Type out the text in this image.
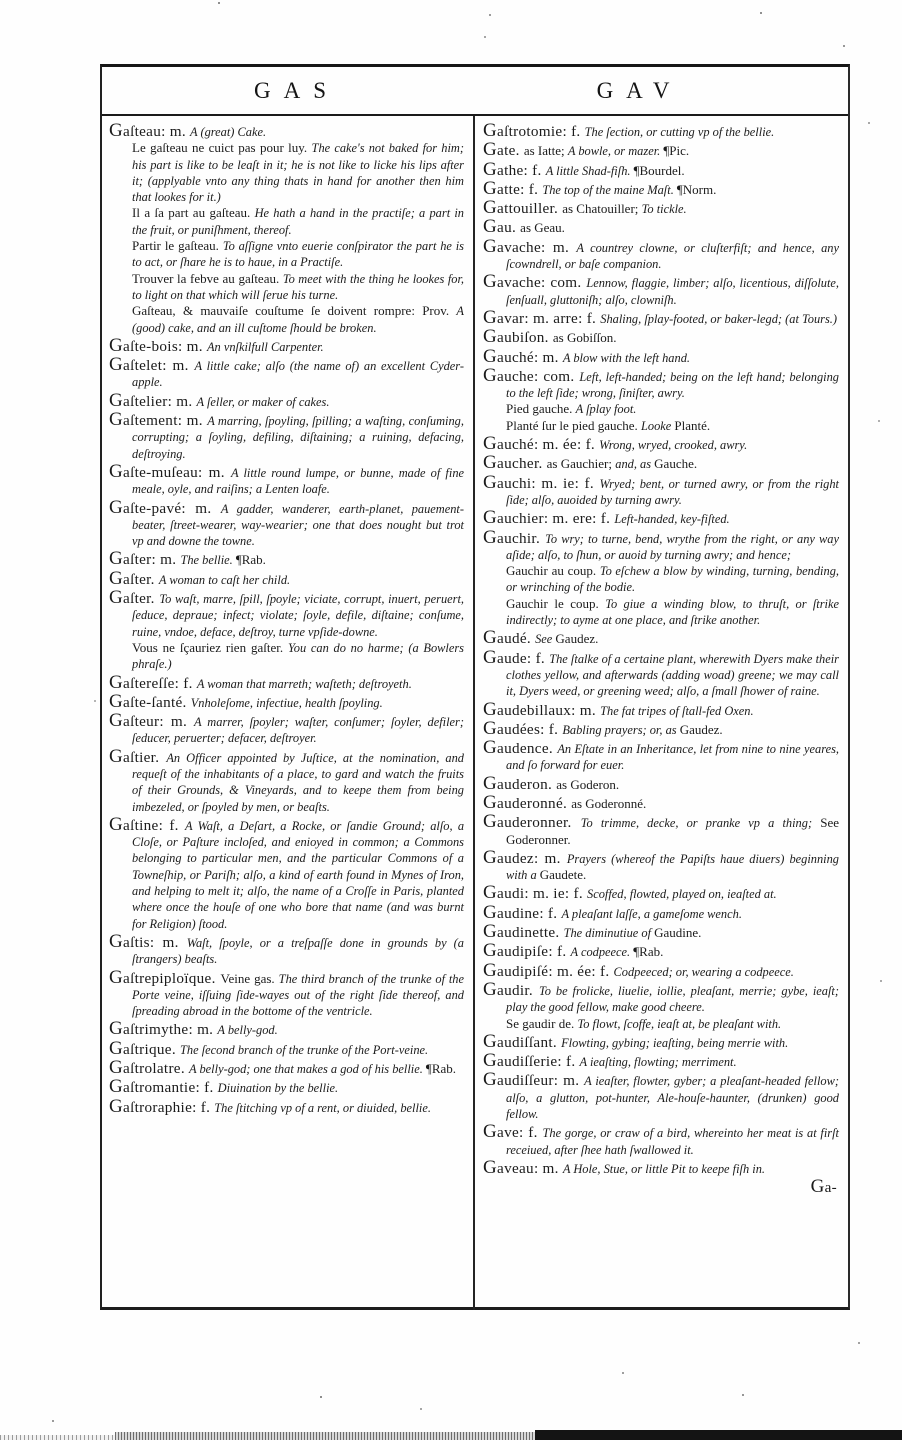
GAS	GAV

Gaſteau: m. A (great) Cake.

Le gaſteau ne cuict pas pour luy. The cake's not baked for him; his part is like to be leaſt in it; he is not like to licke his lips after it; (applyable vnto any thing thats in hand for another then him that lookes for it.)

Il a ſa part au gaſteau. He hath a hand in the practiſe; a part in the fruit, or puniſhment, thereof.

Partir le gaſteau. To aſſigne vnto euerie conſpirator the part he is to act, or ſhare he is to haue, in a Practiſe.

Trouver la febve au gaſteau. To meet with the thing he lookes for, to light on that which will ſerue his turne.

Gaſteau, & mauvaiſe couſtume ſe doivent rompre: Prov. A (good) cake, and an ill cuſtome ſhould be broken.

Gaſte-bois: m. An vnſkilfull Carpenter.

Gaſtelet: m. A little cake; alſo (the name of) an excellent Cyder-apple.

Gaſtelier: m. A ſeller, or maker of cakes.

Gaſtement: m. A marring, ſpoyling, ſpilling; a waſting, conſuming, corrupting; a ſoyling, defiling, diſtaining; a ruining, defacing, deſtroying.

Gaſte-muſeau: m. A little round lumpe, or bunne, made of fine meale, oyle, and raiſins; a Lenten loafe.

Gaſte-pavé: m. A gadder, wanderer, earth-planet, pauement-beater, ſtreet-wearer, way-wearier; one that does nought but trot vp and downe the towne.

Gaſter: m. The bellie. ¶Rab.

Gaſter. A woman to caſt her child.

Gaſter. To waſt, marre, ſpill, ſpoyle; viciate, corrupt, inuert, peruert, ſeduce, depraue; infect; violate; ſoyle, defile, diſtaine; conſume, ruine, vndoe, deface, deſtroy, turne vpſide-downe.

Vous ne ſçauriez rien gaſter. You can do no harme; (a Bowlers phraſe.)

Gaſtereſſe: f. A woman that marreth; waſteth; deſtroyeth.

Gaſte-ſanté. Vnholeſome, infectiue, health ſpoyling.

Gaſteur: m. A marrer, ſpoyler; waſter, conſumer; ſoyler, defiler; ſeducer, peruerter; defacer, deſtroyer.

Gaſtier. An Officer appointed by Juſtice, at the nomination, and requeſt of the inhabitants of a place, to gard and watch the fruits of their Grounds, & Vineyards, and to keepe them from being imbezeled, or ſpoyled by men, or beaſts.

Gaſtine: f. A Waſt, a Deſart, a Rocke, or ſandie Ground; alſo, a Cloſe, or Paſture incloſed, and enioyed in common; a Commons belonging to particular men, and the particular Commons of a Towneſhip, or Pariſh; alſo, a kind of earth found in Mynes of Iron, and helping to melt it; alſo, the name of a Croſſe in Paris, planted where once the houſe of one who bore that name (and was burnt for Religion) ſtood.

Gaſtis: m. Waſt, ſpoyle, or a treſpaſſe done in grounds by (a ſtrangers) beaſts.

Gaſtrepiploïque. Veine gas. The third branch of the trunke of the Porte veine, iſſuing ſide-wayes out of the right ſide thereof, and ſpreading abroad in the bottome of the ventricle.

Gaſtrimythe: m. A belly-god.

Gaſtrique. The ſecond branch of the trunke of the Port-veine.

Gaſtrolatre. A belly-god; one that makes a god of his bellie. ¶Rab.

Gaſtromantie: f. Diuination by the bellie.

Gaſtroraphie: f. The ſtitching vp of a rent, or diuided, bellie.

Gaſtrotomie: f. The ſection, or cutting vp of the bellie.

Gate. as Iatte; A bowle, or mazer. ¶Pic.

Gathe: f. A little Shad-fiſh. ¶Bourdel.

Gatte: f. The top of the maine Maſt. ¶Norm.

Gattouiller. as Chatouiller; To tickle.

Gau. as Geau.

Gavache: m. A countrey clowne, or cluſterfiſt; and hence, any ſcowndrell, or baſe companion.

Gavache: com. Lennow, flaggie, limber; alſo, licentious, diſſolute, ſenſuall, gluttoniſh; alſo, clowniſh.

Gavar: m. arre: f. Shaling, ſplay-footed, or baker-legd; (at Tours.)

Gaubiſon. as Gobiſſon.

Gauché: m. A blow with the left hand.

Gauche: com. Left, left-handed; being on the left hand; belonging to the left ſide; wrong, ſiniſter, awry.

Pied gauche. A ſplay foot.

Planté ſur le pied gauche. Looke Planté.

Gauché: m. ée: f. Wrong, wryed, crooked, awry.

Gaucher. as Gauchier; and, as Gauche.

Gauchi: m. ie: f. Wryed; bent, or turned awry, or from the right ſide; alſo, auoided by turning awry.

Gauchier: m. ere: f. Left-handed, key-fiſted.

Gauchir. To wry; to turne, bend, wrythe from the right, or any way aſide; alſo, to ſhun, or auoid by turning awry; and hence;

Gauchir au coup. To eſchew a blow by winding, turning, bending, or wrinching of the bodie.

Gauchir le coup. To giue a winding blow, to thruſt, or ſtrike indirectly; to ayme at one place, and ſtrike another.

Gaudé. See Gaudez.

Gaude: f. The ſtalke of a certaine plant, wherewith Dyers make their clothes yellow, and afterwards (adding woad) greene; we may call it, Dyers weed, or greening weed; alſo, a ſmall ſhower of raine.

Gaudebillaux: m. The fat tripes of ſtall-fed Oxen.

Gaudées: f. Babling prayers; or, as Gaudez.

Gaudence. An Eſtate in an Inheritance, let from nine to nine yeares, and ſo forward for euer.

Gauderon. as Goderon.

Gauderonné. as Goderonné.

Gauderonner. To trimme, decke, or pranke vp a thing; See Goderonner.

Gaudez: m. Prayers (whereof the Papiſts haue diuers) beginning with a Gaudete.

Gaudi: m. ie: f. Scoffed, flowted, played on, ieaſted at.

Gaudine: f. A pleaſant laſſe, a gameſome wench.

Gaudinette. The diminutiue of Gaudine.

Gaudipiſe: f. A codpeece. ¶Rab.

Gaudipiſé: m. ée: f. Codpeeced; or, wearing a codpeece.

Gaudir. To be frolicke, liuelie, iollie, pleaſant, merrie; gybe, ieaſt; play the good fellow, make good cheere.

Se gaudir de. To flowt, ſcoffe, ieaſt at, be pleaſant with.

Gaudiſſant. Flowting, gybing; ieaſting, being merrie with.

Gaudiſſerie: f. A ieaſting, flowting; merriment.

Gaudiſſeur: m. A ieaſter, flowter, gyber; a pleaſant-headed fellow; alſo, a glutton, pot-hunter, Ale-houſe-haunter, (drunken) good fellow.

Gave: f. The gorge, or craw of a bird, whereinto her meat is at firſt receiued, after ſhee hath ſwallowed it.

Gaveau: m. A Hole, Stue, or little Pit to keepe fiſh in.

Ga-
